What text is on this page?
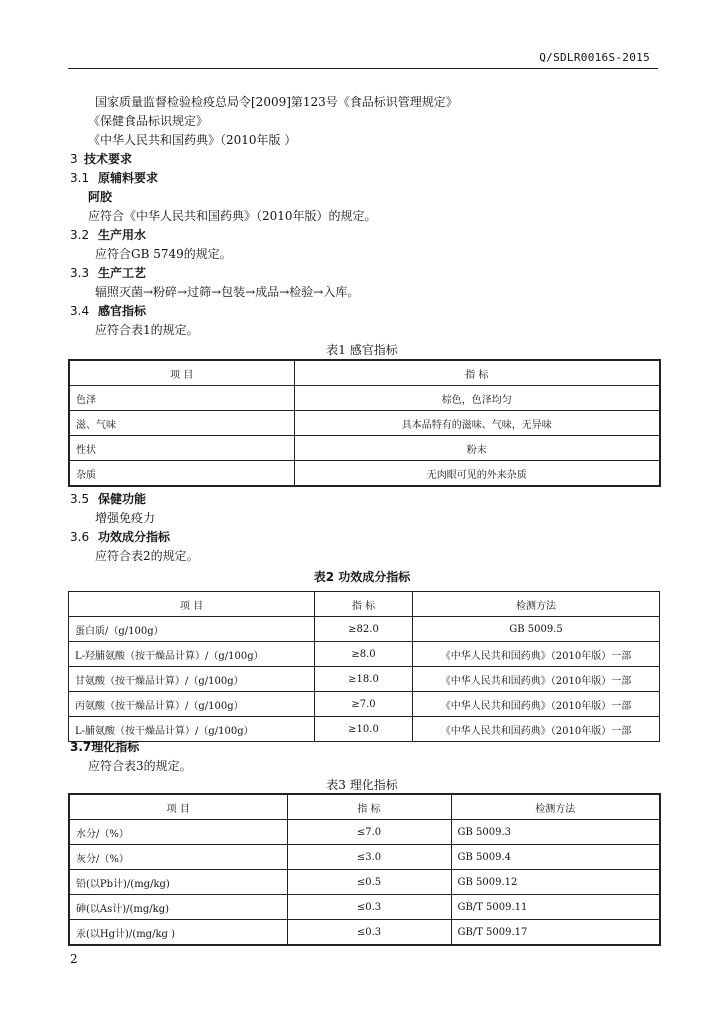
Q/SDLR0016S-2015
国家质量监督检验检疫总局令[2009]第123号《食品标识管理规定》
《保健食品标识规定》
《中华人民共和国药典》（2010年版 ）
3 技术要求
3.1 原辅料要求
阿胶
应符合《中华人民共和国药典》（2010年版）的规定。
3.2 生产用水
应符合GB 5749的规定。
3.3 生产工艺
辐照灭菌→粉碎→过筛→包装→成品→检验→入库。
3.4 感官指标
应符合表1的规定。
表1 感官指标
项 目	指 标
色泽	棕色，色泽均匀
滋、气味	具本品特有的滋味、气味，无异味
性状	粉末
杂质	无肉眼可见的外来杂质
3.5 保健功能
增强免疫力
3.6 功效成分指标
应符合表2的规定。
表2 功效成分指标
项 目	指 标	检测方法
蛋白质/（g/100g）	≥82.0	GB 5009.5
L-羟脯氨酸（按干燥品计算）/（g/100g）	≥8.0	《中华人民共和国药典》（2010年版）一部
甘氨酸（按干燥品计算）/（g/100g）	≥18.0	《中华人民共和国药典》（2010年版）一部
丙氨酸（按干燥品计算）/（g/100g）	≥7.0	《中华人民共和国药典》（2010年版）一部
L-脯氨酸（按干燥品计算）/（g/100g）	≥10.0	《中华人民共和国药典》（2010年版）一部
3.7理化指标
应符合表3的规定。
表3 理化指标
项 目	指 标	检测方法
水分/（%）	≤7.0	GB 5009.3
灰分/（%）	≤3.0	GB 5009.4
铅(以Pb计)/(mg/kg)	≤0.5	GB 5009.12
砷(以As计)/(mg/kg)	≤0.3	GB/T 5009.11
汞(以Hg计)/(mg/kg )	≤0.3	GB/T 5009.17
2
